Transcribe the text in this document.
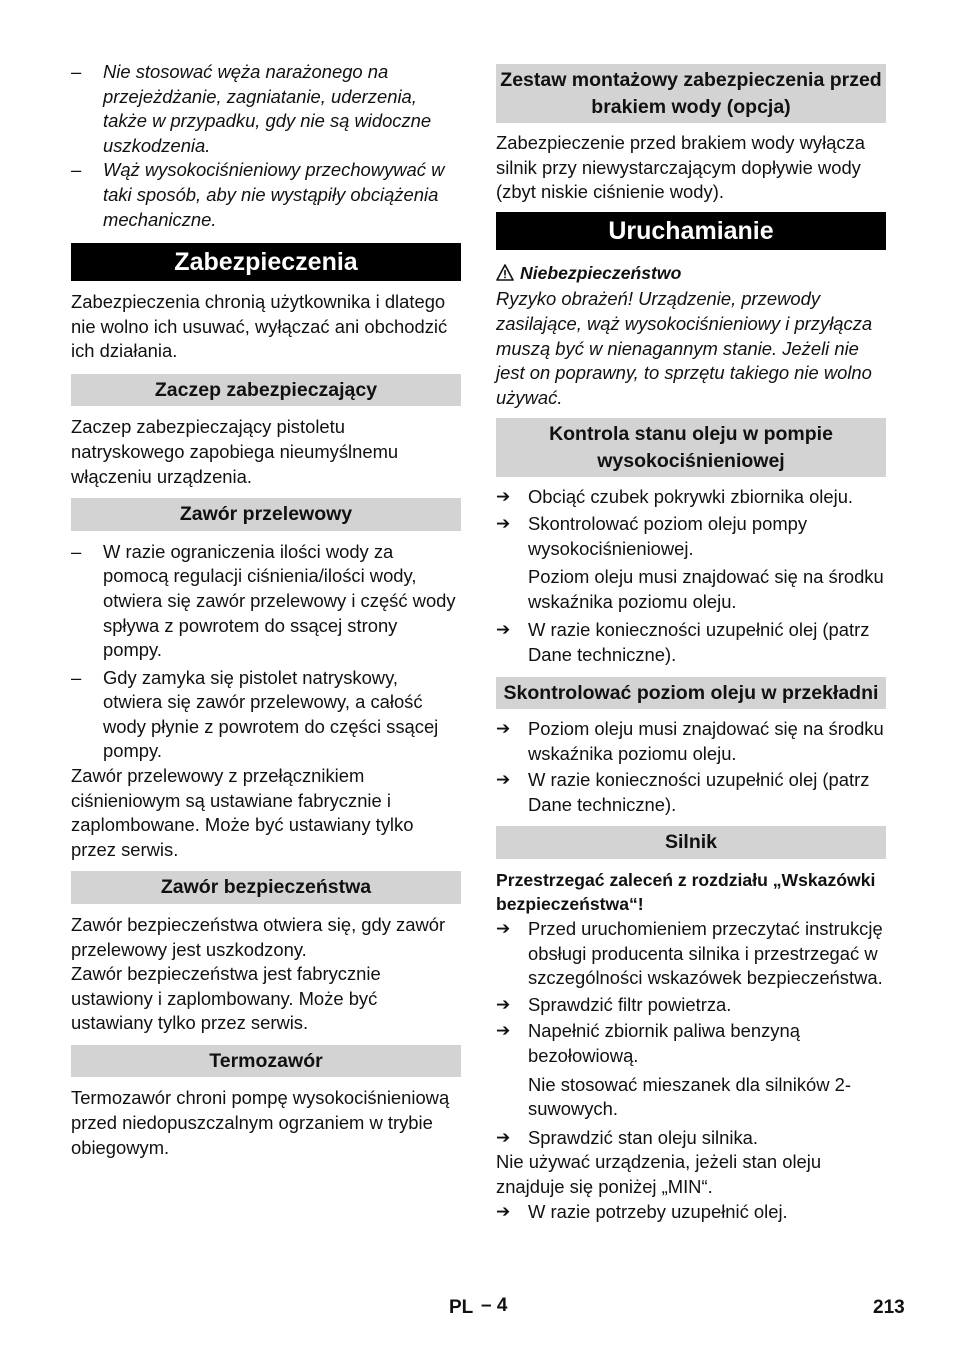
– Nie stosować węża narażonego na przejeżdżanie, zagniatanie, uderzenia, także w przypadku, gdy nie są widoczne uszkodzenia.

– Wąż wysokociśnieniowy przechowywać w taki sposób, aby nie wystąpiły obciążenia mechaniczne.

Zabezpieczenia

Zabezpieczenia chronią użytkownika i dlatego nie wolno ich usuwać, wyłączać ani obchodzić ich działania.

Zaczep zabezpieczający

Zaczep zabezpieczający pistoletu natryskowego zapobiega nieumyślnemu włączeniu urządzenia.

Zawór przelewowy

– W razie ograniczenia ilości wody za pomocą regulacji ciśnienia/ilości wody, otwiera się zawór przelewowy i część wody spływa z powrotem do ssącej strony pompy.

– Gdy zamyka się pistolet natryskowy, otwiera się zawór przelewowy, a całość wody płynie z powrotem do części ssącej pompy.

Zawór przelewowy z przełącznikiem ciśnieniowym są ustawiane fabrycznie i zaplombowane. Może być ustawiany tylko przez serwis.

Zawór bezpieczeństwa

Zawór bezpieczeństwa otwiera się, gdy zawór przelewowy jest uszkodzony.

Zawór bezpieczeństwa jest fabrycznie ustawiony i zaplombowany. Może być ustawiany tylko przez serwis.

Termozawór

Termozawór chroni pompę wysokociśnieniową przed niedopuszczalnym ogrzaniem w trybie obiegowym.

Zestaw montażowy zabezpieczenia przed brakiem wody (opcja)

Zabezpieczenie przed brakiem wody wyłącza silnik przy niewystarczającym dopływie wody (zbyt niskie ciśnienie wody).

Uruchamianie

Niebezpieczeństwo

Ryzyko obrażeń! Urządzenie, przewody zasilające, wąż wysokociśnieniowy i przyłącza muszą być w nienagannym stanie. Jeżeli nie jest on poprawny, to sprzętu takiego nie wolno używać.

Kontrola stanu oleju w pompie wysokociśnieniowej

➔ Obciąć czubek pokrywki zbiornika oleju.

➔ Skontrolować poziom oleju pompy wysokociśnieniowej.

Poziom oleju musi znajdować się na środku wskaźnika poziomu oleju.

➔ W razie konieczności uzupełnić olej (patrz Dane techniczne).

Skontrolować poziom oleju w przekładni

➔ Poziom oleju musi znajdować się na środku wskaźnika poziomu oleju.

➔ W razie konieczności uzupełnić olej (patrz Dane techniczne).

Silnik

Przestrzegać zaleceń z rozdziału „Wskazówki bezpieczeństwa“!

➔ Przed uruchomieniem przeczytać instrukcję obsługi producenta silnika i przestrzegać w szczególności wskazówek bezpieczeństwa.

➔ Sprawdzić filtr powietrza.

➔ Napełnić zbiornik paliwa benzyną bezołowiową.

Nie stosować mieszanek dla silników 2-suwowych.

➔ Sprawdzić stan oleju silnika.

Nie używać urządzenia, jeżeli stan oleju znajduje się poniżej „MIN“.

➔ W razie potrzeby uzupełnić olej.

PL – 4	213
